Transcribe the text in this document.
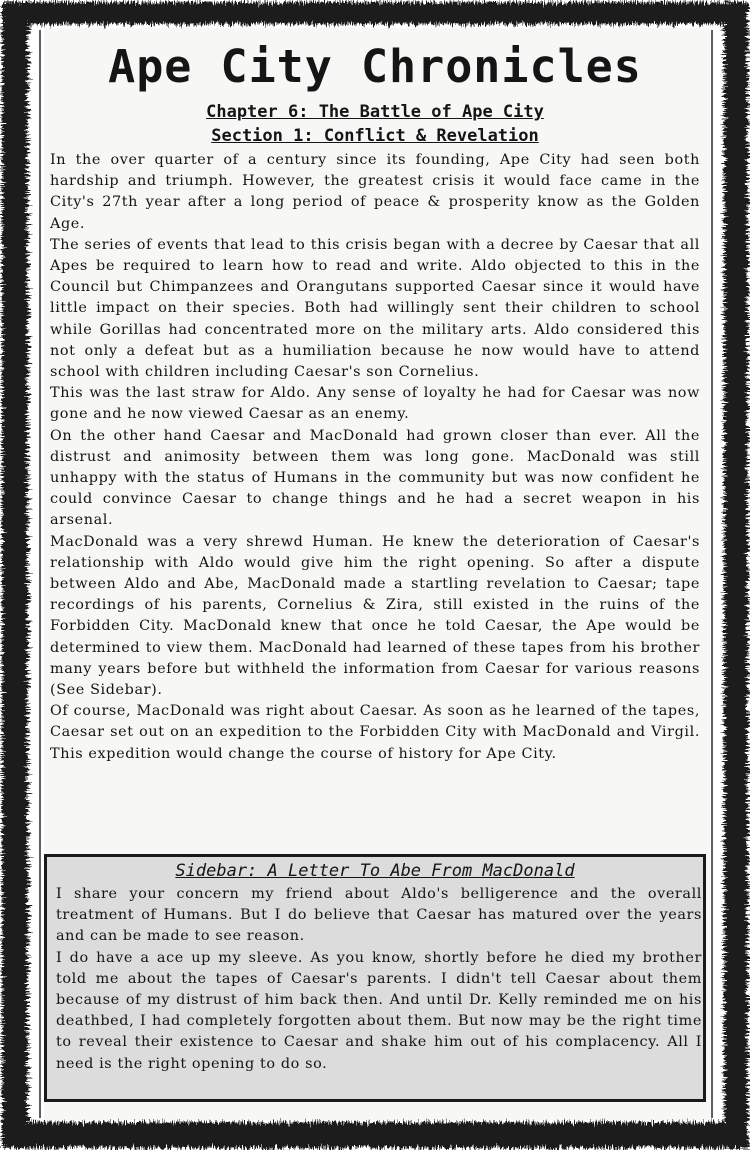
Ape City Chronicles
Chapter 6: The Battle of Ape City
Section 1: Conflict & Revelation

In the over quarter of a century since its founding, Ape City had seen both hardship and triumph. However, the greatest crisis it would face came in the City's 27th year after a long period of peace & prosperity know as the Golden Age.

The series of events that lead to this crisis began with a decree by Caesar that all Apes be required to learn how to read and write. Aldo objected to this in the Council but Chimpanzees and Orangutans supported Caesar since it would have little impact on their species. Both had willingly sent their children to school while Gorillas had concentrated more on the military arts. Aldo considered this not only a defeat but as a humiliation because he now would have to attend school with children including Caesar's son Cornelius.

This was the last straw for Aldo. Any sense of loyalty he had for Caesar was now gone and he now viewed Caesar as an enemy.

On the other hand Caesar and MacDonald had grown closer than ever. All the distrust and animosity between them was long gone. MacDonald was still unhappy with the status of Humans in the community but was now confident he could convince Caesar to change things and he had a secret weapon in his arsenal.

MacDonald was a very shrewd Human. He knew the deterioration of Caesar's relationship with Aldo would give him the right opening. So after a dispute between Aldo and Abe, MacDonald made a startling revelation to Caesar; tape recordings of his parents, Cornelius & Zira, still existed in the ruins of the Forbidden City. MacDonald knew that once he told Caesar, the Ape would be determined to view them. MacDonald had learned of these tapes from his brother many years before but withheld the information from Caesar for various reasons (See Sidebar).

Of course, MacDonald was right about Caesar. As soon as he learned of the tapes, Caesar set out on an expedition to the Forbidden City with MacDonald and Virgil. This expedition would change the course of history for Ape City.

Sidebar: A Letter To Abe From MacDonald

I share your concern my friend about Aldo's belligerence and the overall treatment of Humans. But I do believe that Caesar has matured over the years and can be made to see reason.

I do have a ace up my sleeve. As you know, shortly before he died my brother told me about the tapes of Caesar's parents. I didn't tell Caesar about them because of my distrust of him back then. And until Dr. Kelly reminded me on his deathbed, I had completely forgotten about them. But now may be the right time to reveal their existence to Caesar and shake him out of his complacency. All I need is the right opening to do so.
